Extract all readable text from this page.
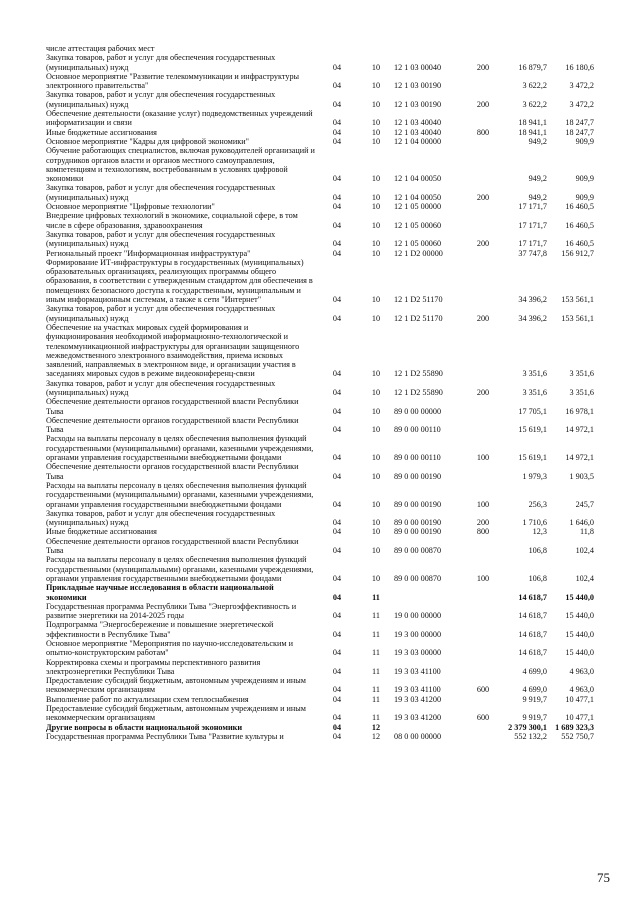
числе аттестация рабочих мест						
Закупка товаров, работ и услуг для обеспечения государственных (муниципальных) нужд	04	10	12 1 03 00040	200	16 879,7	16 180,6
Основное мероприятие "Развитие телекоммуникации и инфраструктуры электронного правительства"	04	10	12 1 03 00190		3 622,2	3 472,2
Закупка товаров, работ и услуг для обеспечения государственных (муниципальных) нужд	04	10	12 1 03 00190	200	3 622,2	3 472,2
Обеспечение деятельности (оказание услуг) подведомственных учреждений информатизации и связи	04	10	12 1 03 40040		18 941,1	18 247,7
Иные бюджетные ассигнования	04	10	12 1 03 40040	800	18 941,1	18 247,7
Основное мероприятие "Кадры для цифровой экономики"	04	10	12 1 04 00000		949,2	909,9
Обучение работающих специалистов, включая руководителей организаций и сотрудников органов власти и органов местного самоуправления, компетенциям и технологиям, востребованным в условиях цифровой экономики	04	10	12 1 04 00050		949,2	909,9
Закупка товаров, работ и услуг для обеспечения государственных (муниципальных) нужд	04	10	12 1 04 00050	200	949,2	909,9
Основное мероприятие "Цифровые технологии"	04	10	12 1 05 00000		17 171,7	16 460,5
Внедрение цифровых технологий в экономике, социальной сфере, в том числе в сфере образования, здравоохранения	04	10	12 1 05 00060		17 171,7	16 460,5
Закупка товаров, работ и услуг для обеспечения государственных (муниципальных) нужд	04	10	12 1 05 00060	200	17 171,7	16 460,5
Региональный проект "Информационная инфраструктура"	04	10	12 1 D2 00000		37 747,8	156 912,7
Формирование ИТ-инфраструктуры в государственных (муниципальных) образовательных организациях, реализующих программы общего образования, в соответствии с утвержденным стандартом для обеспечения в помещениях безопасного доступа к государственным, муниципальным и иным информационным системам, а также к сети "Интернет"	04	10	12 1 D2 51170		34 396,2	153 561,1
Закупка товаров, работ и услуг для обеспечения государственных (муниципальных) нужд	04	10	12 1 D2 51170	200	34 396,2	153 561,1
Обеспечение на участках мировых судей формирования и функционирования необходимой информационно-технологической и телекоммуникационной инфраструктуры для организации защищенного межведомственного электронного взаимодействия, приема исковых заявлений, направляемых в электронном виде, и организации участия в заседаниях мировых судов в режиме видеоконференц-связи	04	10	12 1 D2 55890		3 351,6	3 351,6
Закупка товаров, работ и услуг для обеспечения государственных (муниципальных) нужд	04	10	12 1 D2 55890	200	3 351,6	3 351,6
Обеспечение деятельности органов государственной власти Республики Тыва	04	10	89 0 00 00000		17 705,1	16 978,1
Обеспечение деятельности органов государственной власти Республики Тыва	04	10	89 0 00 00110		15 619,1	14 972,1
Расходы на выплаты персоналу в целях обеспечения выполнения функций государственными (муниципальными) органами, казенными учреждениями, органами управления государственными внебюджетными фондами	04	10	89 0 00 00110	100	15 619,1	14 972,1
Обеспечение деятельности органов государственной власти Республики Тыва	04	10	89 0 00 00190		1 979,3	1 903,5
Расходы на выплаты персоналу в целях обеспечения выполнения функций государственными (муниципальными) органами, казенными учреждениями, органами управления государственными внебюджетными фондами	04	10	89 0 00 00190	100	256,3	245,7
Закупка товаров, работ и услуг для обеспечения государственных (муниципальных) нужд	04	10	89 0 00 00190	200	1 710,6	1 646,0
Иные бюджетные ассигнования	04	10	89 0 00 00190	800	12,3	11,8
Обеспечение деятельности органов государственной власти Республики Тыва	04	10	89 0 00 00870		106,8	102,4
Расходы на выплаты персоналу в целях обеспечения выполнения функций государственными (муниципальными) органами, казенными учреждениями, органами управления государственными внебюджетными фондами	04	10	89 0 00 00870	100	106,8	102,4
Прикладные научные исследования в области национальной экономики	04	11			14 618,7	15 440,0
Государственная программа Республики Тыва "Энергоэффективность и развитие энергетики на 2014-2025 годы	04	11	19 0 00 00000		14 618,7	15 440,0
Подпрограмма "Энергосбережение и повышение энергетической эффективности в Республике Тыва"	04	11	19 3 00 00000		14 618,7	15 440,0
Основное мероприятие "Мероприятия по научно-исследовательским и опытно-конструкторским работам"	04	11	19 3 03 00000		14 618,7	15 440,0
Корректировка схемы и программы перспективного развития электроэнергетики Республики Тыва	04	11	19 3 03 41100		4 699,0	4 963,0
Предоставление субсидий бюджетным, автономным учреждениям и иным некоммерческим организациям	04	11	19 3 03 41100	600	4 699,0	4 963,0
Выполнение работ по актуализации схем теплоснабжения	04	11	19 3 03 41200		9 919,7	10 477,1
Предоставление субсидий бюджетным, автономным учреждениям и иным некоммерческим организациям	04	11	19 3 03 41200	600	9 919,7	10 477,1
Другие вопросы в области национальной экономики	04	12			2 379 300,1	1 689 323,3
Государственная программа Республики Тыва "Развитие культуры и	04	12	08 0 00 00000		552 132,2	552 750,7
75
